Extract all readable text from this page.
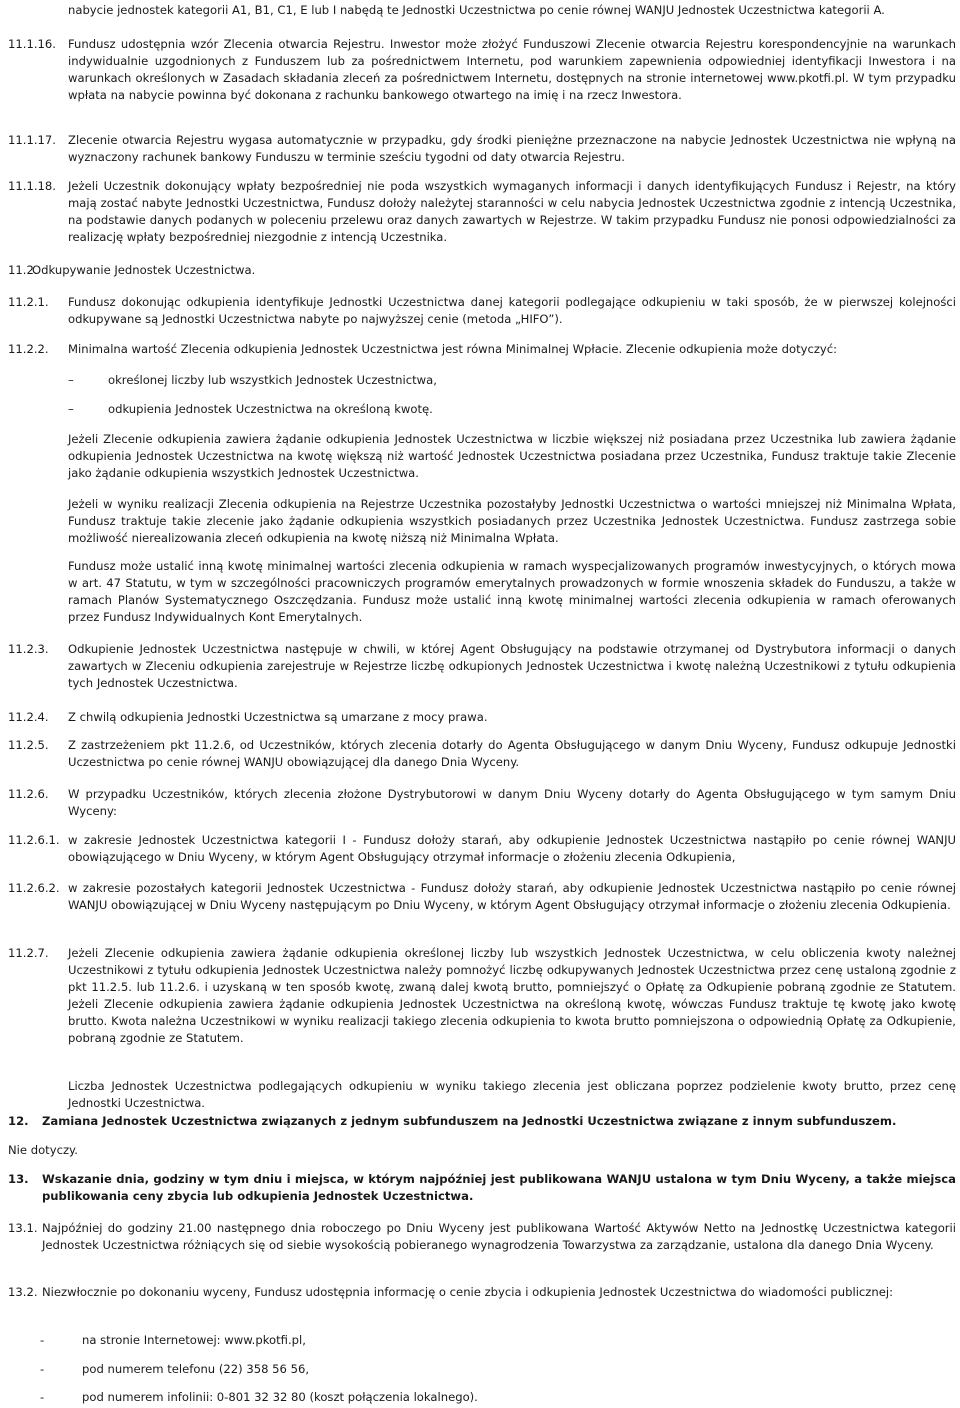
nabycie jednostek kategorii A1, B1, C1, E lub I nabędą te Jednostki Uczestnictwa po cenie równej WANJU Jednostek Uczestnictwa kategorii A.
11.1.16. Fundusz udostępnia wzór Zlecenia otwarcia Rejestru. Inwestor może złożyć Funduszowi Zlecenie otwarcia Rejestru korespondencyjnie na warunkach indywidualnie uzgodnionych z Funduszem lub za pośrednictwem Internetu, pod warunkiem zapewnienia odpowiedniej identyfikacji Inwestora i na warunkach określonych w Zasadach składania zleceń za pośrednictwem Internetu, dostępnych na stronie internetowej www.pkotfi.pl. W tym przypadku wpłata na nabycie powinna być dokonana z rachunku bankowego otwartego na imię i na rzecz Inwestora.
11.1.17. Zlecenie otwarcia Rejestru wygasa automatycznie w przypadku, gdy środki pieniężne przeznaczone na nabycie Jednostek Uczestnictwa nie wpłyną na wyznaczony rachunek bankowy Funduszu w terminie sześciu tygodni od daty otwarcia Rejestru.
11.1.18. Jeżeli Uczestnik dokonujący wpłaty bezpośredniej nie poda wszystkich wymaganych informacji i danych identyfikujących Fundusz i Rejestr, na który mają zostać nabyte Jednostki Uczestnictwa, Fundusz dołoży należytej staranności w celu nabycia Jednostek Uczestnictwa zgodnie z intencją Uczestnika, na podstawie danych podanych w poleceniu przelewu oraz danych zawartych w Rejestrze. W takim przypadku Fundusz nie ponosi odpowiedzialności za realizację wpłaty bezpośredniej niezgodnie z intencją Uczestnika.
11.2.
Odkupywanie Jednostek Uczestnictwa.
11.2.1. Fundusz dokonując odkupienia identyfikuje Jednostki Uczestnictwa danej kategorii podlegające odkupieniu w taki sposób, że w pierwszej kolejności odkupywane są Jednostki Uczestnictwa nabyte po najwyższej cenie (metoda „HIFO”).
11.2.2. Minimalna wartość Zlecenia odkupienia Jednostek Uczestnictwa jest równa Minimalnej Wpłacie. Zlecenie odkupienia może dotyczyć:
–	określonej liczby lub wszystkich Jednostek Uczestnictwa,
–	odkupienia Jednostek Uczestnictwa na określoną kwotę.
Jeżeli Zlecenie odkupienia zawiera żądanie odkupienia Jednostek Uczestnictwa w liczbie większej niż posiadana przez Uczestnika lub zawiera żądanie odkupienia Jednostek Uczestnictwa na kwotę większą niż wartość Jednostek Uczestnictwa posiadana przez Uczestnika, Fundusz traktuje takie Zlecenie jako żądanie odkupienia wszystkich Jednostek Uczestnictwa.
Jeżeli w wyniku realizacji Zlecenia odkupienia na Rejestrze Uczestnika pozostałyby Jednostki Uczestnictwa o wartości mniejszej niż Minimalna Wpłata, Fundusz traktuje takie zlecenie jako żądanie odkupienia wszystkich posiadanych przez Uczestnika Jednostek Uczestnictwa. Fundusz zastrzega sobie możliwość nierealizowania zleceń odkupienia na kwotę niższą niż Minimalna Wpłata.
Fundusz może ustalić inną kwotę minimalnej wartości zlecenia odkupienia w ramach wyspecjalizowanych programów inwestycyjnych, o których mowa w art. 47 Statutu, w tym w szczególności pracowniczych programów emerytalnych prowadzonych w formie wnoszenia składek do Funduszu, a także w ramach Planów Systematycznego Oszczędzania. Fundusz może ustalić inną kwotę minimalnej wartości zlecenia odkupienia w ramach oferowanych przez Fundusz Indywidualnych Kont Emerytalnych.
11.2.3. Odkupienie Jednostek Uczestnictwa następuje w chwili, w której Agent Obsługujący na podstawie otrzymanej od Dystrybutora informacji o danych zawartych w Zleceniu odkupienia zarejestruje w Rejestrze liczbę odkupionych Jednostek Uczestnictwa i kwotę należną Uczestnikowi z tytułu odkupienia tych Jednostek Uczestnictwa.
11.2.4. Z chwilą odkupienia Jednostki Uczestnictwa są umarzane z mocy prawa.
11.2.5. Z zastrzeżeniem pkt 11.2.6, od Uczestników, których zlecenia dotarły do Agenta Obsługującego w danym Dniu Wyceny, Fundusz odkupuje Jednostki Uczestnictwa po cenie równej WANJU obowiązującej dla danego Dnia Wyceny.
11.2.6. W przypadku Uczestników, których zlecenia złożone Dystrybutorowi w danym Dniu Wyceny dotarły do Agenta Obsługującego w tym samym Dniu Wyceny:
11.2.6.1. w zakresie Jednostek Uczestnictwa kategorii I - Fundusz dołoży starań, aby odkupienie Jednostek Uczestnictwa nastąpiło po cenie równej WANJU obowiązującego w Dniu Wyceny, w którym Agent Obsługujący otrzymał informacje o złożeniu zlecenia Odkupienia,
11.2.6.2. w zakresie pozostałych kategorii Jednostek Uczestnictwa - Fundusz dołoży starań, aby odkupienie Jednostek Uczestnictwa nastąpiło po cenie równej WANJU obowiązującej w Dniu Wyceny następującym po Dniu Wyceny, w którym Agent Obsługujący otrzymał informacje o złożeniu zlecenia Odkupienia.
11.2.7. Jeżeli Zlecenie odkupienia zawiera żądanie odkupienia określonej liczby lub wszystkich Jednostek Uczestnictwa, w celu obliczenia kwoty należnej Uczestnikowi z tytułu odkupienia Jednostek Uczestnictwa należy pomnożyć liczbę odkupywanych Jednostek Uczestnictwa przez cenę ustaloną zgodnie z pkt 11.2.5. lub 11.2.6. i uzyskaną w ten sposób kwotę, zwaną dalej kwotą brutto, pomniejszyć o Opłatę za Odkupienie pobraną zgodnie ze Statutem. Jeżeli Zlecenie odkupienia zawiera żądanie odkupienia Jednostek Uczestnictwa na określoną kwotę, wówczas Fundusz traktuje tę kwotę jako kwotę brutto. Kwota należna Uczestnikowi w wyniku realizacji takiego zlecenia odkupienia to kwota brutto pomniejszona o odpowiednią Opłatę za Odkupienie, pobraną zgodnie ze Statutem.
Liczba Jednostek Uczestnictwa podlegających odkupieniu w wyniku takiego zlecenia jest obliczana poprzez podzielenie kwoty brutto, przez cenę Jednostki Uczestnictwa.
12. Zamiana Jednostek Uczestnictwa związanych z jednym subfunduszem na Jednostki Uczestnictwa związane z innym subfunduszem.
Nie dotyczy.
13. Wskazanie dnia, godziny w tym dniu i miejsca, w którym najpóźniej jest publikowana WANJU ustalona w tym Dniu Wyceny, a także miejsca publikowania ceny zbycia lub odkupienia Jednostek Uczestnictwa.
13.1. Najpóźniej do godziny 21.00 następnego dnia roboczego po Dniu Wyceny jest publikowana Wartość Aktywów Netto na Jednostkę Uczestnictwa kategorii Jednostek Uczestnictwa różniących się od siebie wysokością pobieranego wynagrodzenia Towarzystwa za zarządzanie, ustalona dla danego Dnia Wyceny.
13.2. Niezwłocznie po dokonaniu wyceny, Fundusz udostępnia informację o cenie zbycia i odkupienia Jednostek Uczestnictwa do wiadomości publicznej:
-	na stronie Internetowej: www.pkotfi.pl,
-	pod numerem telefonu (22) 358 56 56,
-	pod numerem infolinii: 0-801 32 32 80 (koszt połączenia lokalnego).
